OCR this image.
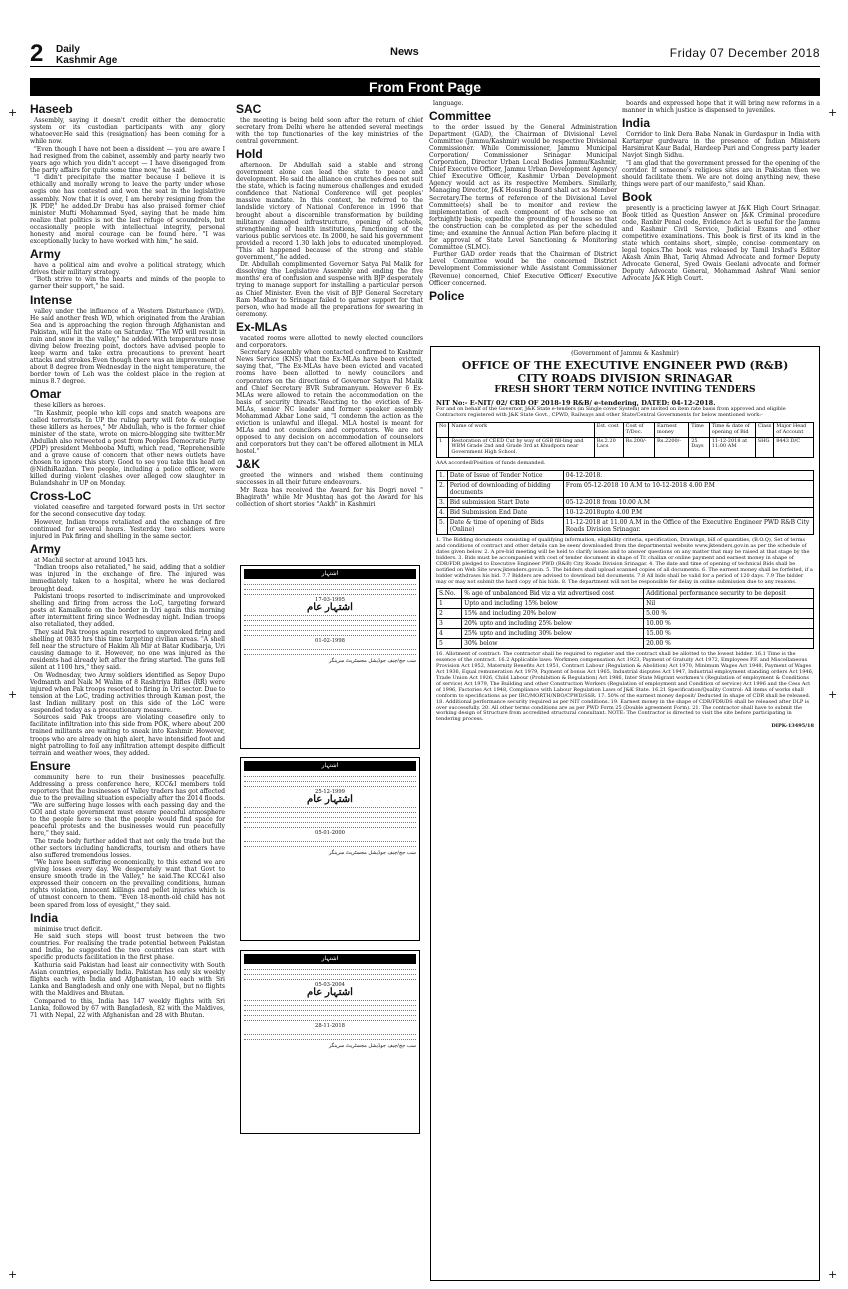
2 Daily
Kashmir Age
News	Friday 07 December 2018
From Front Page
Haseeb

Assembly, saying it doesn't credit either the democratic system or its custodian participants with any glory whatoever.He said this (resignation) has been coming for a while now.

"Even though I have not been a dissident — you are aware I had resigned from the cabinet, assembly and party nearly two years ago which you didn't accept — I have disengaged from the party affairs for quite some time now," he said.

"I didn't precipitate the matter because I believe it is ethically and morally wrong to leave the party under whose aegis one has contested and won the seat in the legislative assembly. Now that it is over, I am hereby resigning from the JK PDP," he added.Dr Drabu has also praised former chief minister Mufti Mohammad Syed, saying that he made him realize that politics is not the last refuge of scoundrels, but occasionally people with intellectual integrity, personal honesty and moral courage can be found here. "I was exceptionally lucky to have worked with him," he said.

Army

have a political aim and evolve a political strategy, which drives their military strategy.

"Both strive to win the hearts and minds of the people to garner their support," he said.

Intense

valley under the influence of a Western Disturbance (WD). He said another fresh WD, which originated from the Arabian Sea and is approaching the region through Afghanistan and Pakistan, will hit the state on Saturday. "The WD will result in rain and snow in the valley," he added.With temperature nose diving below freezing point, doctors have advised people to keep warm and take extra precautions to prevent heart attacks and strokes.Even though there was an improvement of about 8 degree from Wednesday in the night temperature, the border town of Leh was the coldest place in the region at minus 8.7 degree.

Omar

these killers as heroes.

"In Kashmir, people who kill cops and snatch weapons are called terrorists. In UP the ruling party will fete & eulogise these killers as heroes," Mr Abdullah, who is the former chief minister of the state, wrote on micro-blogging site twitter.Mr Abdullah also retweeted a post from Peoples Democratic Party (PDP) president Mehbooba Mufti, which read, "Reprehensible and a grave cause of concern that other news outlets have chosen to ignore this story. Good to see you take this head on @NidhiRazdan. Two people, including a police officer, were killed during violent clashes over alleged cow slaughter in Bulandshahr in UP on Monday.

Cross-LoC

violated ceasefire and targeted forward posts in Uri sector for the second consecutive day today.

However, Indian troops retaliated and the exchange of fire continued for several hours. Yesterday two soldiers were injured in Pak firing and shelling in the same sector.

Army

at Machil sector at around 1045 hrs.

"Indian troops also retaliated," he said, adding that a soldier was injured in the exchange of fire. The injured was immediately taken to a hospital, where he was declared brought dead.

Pakistani troops resorted to indiscriminate and unprovoked shelling and firing from across the LoC, targeting forward posts at Kamalkote on the border in Uri again this morning after intermittent firing since Wednesday night. Indian troops also retaliated, they added.

They said Pak troops again resorted to unprovoked firing and shelling at 0835 hrs this time targeting civilian areas. "A shell fell near the structure of Hakim Ali Mir at Batar Kudibarja, Uri causing damage to it. However, no one was injured as the residents had already left after the firing started. The guns fell silent at 1100 hrs," they said.

On Wednesday, two Army soldiers identified as Sepoy Dupo Vedmanth and Naik M Walim of 8 Rashtriya Rifles (RR) were injured when Pak troops resorted to firing in Uri sector. Due to tension at the LoC, trading activities through Kaman post, the last Indian military post on this side of the LoC were suspended today as a precautionary measure.

Sources said Pak troops are violating ceasefire only to facilitate infiltration into this side from POK, where about 200 trained militants are waiting to sneak into Kashmir. However, troops who are already on high alert, have intensified foot and night patrolling to foil any infiltration attempt despite difficult terrain and weather woes, they added.

Ensure

community here to run their businesses peacefully. Addressing a press conference here, KCC&I members told reporters that the businesses of Valley traders has got affected due to the prevailing situation especially after the 2014 floods. "We are suffering huge losses with each passing day and the GOI and state government must ensure peaceful atmosphere to the people here so that the people would find space for peaceful protests and the businesses would run peacefully here," they said.

The trade body further added that not only the trade but the other sectors including handicrafts, tourism and others have also suffered tremendous losses.

"We have been suffering economically, to this extend we are giving losses every day. We desperately want that Govt to ensure smooth trade in the Valley," he said.The KCC&I also expressed their concern on the prevailing conditions, human rights violation, innocent killings and pellet injuries which is of utmost concern to them. "Even 18-month-old child has not been spared from loss of eyesight," they said.

India

minimise truct deficit.

He said such steps will boost trust between the two countries. For realising the trade potential between Pakistan and India, he suggested the two countries can start with specific products facilitation in the first phase.

Kathuria said Pakistan had least air connectivity with South Asian countries, especially India. Pakistan has only six weekly flights each with India and Afghanistan, 10 each with Sri Lanka and Bangladesh and only one with Nepal, but no flights with the Maldives and Bhutan.

Compared to this, India has 147 weekly flights with Sri Lanka, followed by 67 with Bangladesh, 82 with the Maldives, 71 with Nepal, 22 with Afghanistan and 28 with Bhutan.

SAC

the meeting is being held soon after the return of chief secretary from Delhi where he attended several meetings with the top functionaries of the key ministries of the central government.

Hold

afternoon. Dr Abdullah said a stable and strong government alone can lead the state to peace and development. He said the alliance on crutches does not suit the state, which is facing numerous challenges and exuded confidence that National Conference will get peoples' massive mandate. In this context, he referred to the landslide victory of National Conference in 1996 that brought about a discernible transformation by building militancy damaged infrastructure, opening of schools, strengthening of health institutions, functioning of the various public services etc. In 2000, he said his government provided a record 1.30 lakh jobs to educated unemployed. "This all happened because of the strong and stable government," he added.

Dr. Abdullah complimented Governor Satya Pal Malik for dissolving the Legislative Assembly and ending the five months' era of confusion and suspense with BJP desperately trying to manage support for installing a particular person as Chief Minister. Even the visit of BJP General Secretary Ram Madhav to Srinagar failed to garner support for that person, who had made all the preparations for swearing in ceremony.

Ex-MLAs

vacated rooms were allotted to newly elected councilors and corporators.

Secretary Assembly when contacted confirmed to Kashmir News Service (KNS) that the Ex-MLAs have been evicted, saying that, "The Ex-MLAs have been evicted and vacated rooms have been allotted to newly councilors and corporators on the directions of Governor Satya Pal Malik and Chief Secretary BVR Subramanyam. However 6 Ex-MLAs were allowed to retain the accommodation on the basis of security threats."Reacting to the eviction of Ex-MLAs, senior NC leader and former speaker assembly Mohammad Akbar Lone said, "I condemn the action as the eviction is unlawful and illegal. MLA hostel is meant for MLAs and not councilors and corporators. We are not opposed to any decision on accommodation of counselors and corporators but they can't be offered allotment in MLA hostel."

J&K

greeted the winners and wished them continuing successes in all their future endeavours.

Mr Reza has received the Award for his Dogri novel " Bhagirath" while Mr Mushtaq has got the Award for his collection of short stories "Aakh" in Kashmiri

language.

Committee

to the order issued by the General Administration Department (GAD), the Chairman of Divisional Level Committee (Jammu/Kashmir) would be respective Divisional Commissioner. While Commissioner, Jammu Municipal Corporation/ Commissioner Srinagar Municipal Corporation, Director Urban Local Bodies Jammu/Kashmir, Chief Executive Officer, Jammu Urban Development Agency/ Chief Executive Officer, Kashmir Urban Development Agency would act as its respective Members. Similarly, Managing Director, J&K Housing Board shall act as Member Secretary.The terms of reference of the Divisional Level Committee(s) shall be to monitor and review the implementation of each component of the scheme on fortnightly basis; expedite the grounding of houses so that the construction can be completed as per the scheduled time; and examine the Annual Action Plan before placing it for approval of State Level Sanctioning & Monitoring Committee (SLMC).

Further GAD order reads that the Chairman of District Level Committee would be the concerned District Development Commissioner while Assistant Commissioner (Revenue) concerned, Chief Executive Officer/ Executive Officer concerned.

Police

boards and expressed hope that it will bring new reforms in a manner in which justice is dispensed to juveniles.

India

Corridor to link Dera Baba Nanak in Gurdaspur in India with Kartarpur gurdwara in the presence of Indian Ministers Harsimrat Kaur Badal, Hardeep Puri and Congress party leader Navjot Singh Sidhu.

"I am glad that the government pressed for the opening of the corridor. If someone's religious sites are in Pakistan then we should facilitate them. We are not doing anything new, these things were part of our manifesto," said Khan.

Book

presently is a practicing lawyer at J&K High Court Srinagar. Book titled as Question Answer on J&K Criminal procedure code, Ranbir Penal code, Evidence Act is useful for the Jammu and Kashmir Civil Service, Judicial Exams and other competitive examinations. This book is first of its kind in the state which contains short, simple, concise commentary on legal topics.The book was released by Tamil Irshad's Editor Akash Amin Bhat, Tariq Ahmad Advocate and former Deputy Advocate General, Syed Owais Geelani advocate and former Deputy Advocate General, Mohammad Ashraf Wani senior Advocate J&K High Court.

اشتہار
17-03-1995
اشتہار عام
01-02-1998
سب جج/چیف جوڈیشل مجسٹریٹ سرینگر
اشتہار
25-12-1999
اشتہار عام
05-01-2000
سب جج/چیف جوڈیشل مجسٹریٹ سرینگر
اشتہار
05-03-2004
اشتہار عام
28-11-2018
سب جج/چیف جوڈیشل مجسٹریٹ سرینگر
(Government of Jammu & Kashmir)
OFFICE OF THE EXECUTIVE ENGINEER PWD (R&B)
CITY ROADS DIVISION SRINAGAR
FRESH SHORT TERM NOTICE INVITING TENDERS
NIT No:- E-NIT/ 02/ CRD OF 2018-19 R&B/ e-tendering, DATED: 04-12-2018.

For and on behalf of the Governor, J&K State e-tenders (in Single cover System) are invited on item rate basis from approved and eligible Contractors registered with J&K State Govt., CPWD, Railways and other State/Central Governments for below mentioned work:-

No	Name of work	Est. cost	Cost of T/Doc.	Earnest money	Time	Time & date of opening of Bid	Class	Major Head of Account
1	Restoration of CEED Cut by way of GSB fill-ling and WBM Grade 2nd and Grade 3rd at Khudpora near Government High School.	Rs.2.20 Lacs	Rs.200/-	Rs.2200/-	25 Days	11-12-2018 at 11:00 AM	SHG	8443 D/C

AAA accorded/Position of funds demanded.

1.	Date of Issue of Tender Notice	04-12-2018.
2.	Period of downloading of bidding documents	From 05-12-2018 10 A.M to 10-12-2018 4.00 P.M
3.	Bid submission Start Date	05-12-2018 from 10.00 A.M
4.	Bid Submission End Date	10-12-2018upto 4.00 P.M
5.	Date & time of opening of Bids (Online)	11-12-2018 at 11.00 A.M in the Office of the Executive Engineer PWD R&B City Roads Division Srinagar.

1. The Bidding documents consisting of qualifying information, eligibility criteria, specification, Drawings, bill of quantities, (B.O.Q), Set of terms and conditions of contract and other details can be seen/ downloaded from the departmental website www.jktenders.gov.in as per the schedule of dates given below. 2. A pre-bid meeting will be held to clarify issues and to answer questions on any matter that may be raised at that stage by the bidders. 3. Bids must be accompanied with cost of tender document in shape of Tr. challan or online payment and earnest money in shape of CDR/FDR pledged to Executive Engineer PWD (R&B) City Roads Division Srinagar. 4. The date and time of opening of technical Bids shall be notified on Web Site www.jktenders.gov.in. 5. The bidders shall upload scanned copies of all documents. 6. The earnest money shall be forfeited, if a bidder withdraws his bid. 7.7 Bidders are advised to download bid documents. 7.8 All bids shall be valid for a period of 120 days. 7.9 The bidder may or may not submit the hard copy of his bids. 8. The department will not be responsible for delay in online submission due to any reasons.

S.No.	% age of unbalanced Bid viz a viz advertised cost	Additional performance security to be deposit
1	Upto and including 15% below	Nil
2	15% and including 20% below	5.00 %
3	20% upto and including 25% below	10.00 %
4	25% upto and including 30% below	15.00 %
5	30% below	20.00 %

16. Allotment of contract: The contractor shall be required to register and the contract shall be allotted to the lowest bidder. 16.1 Time is the essence of the contract. 16.2 Applicable laws: Workmen compensation Act 1923, Payment of Gratuity Act 1972, Employees P.F. and Miscellaneous Provision Act 1952, Maternity Benefits Act 1951, Contract Labour (Regulation & Abolition) Act 1970, Minimum Wages Act 1948, Payment of Wages Act 1936, Equal remuneration Act 1979, Payment of bonus Act 1965, Industrial disputes Act 1947, Industrial employment standing orders Act 1946, Trade Union Act 1926, Child Labour (Prohibition & Regulation) Act 1986, Inter State Migrant workmen's (Regulation of employment & Conditions of service) Act 1979, The Building and other Construction Workers (Regulation of employment and Condition of service) Act 1996 and the Cess Act of 1996, Factories Act 1948, Compliance with Labour Regulation Laws of J&K State. 16.21 Specification/Quality Control: All items of works shall conform to specifications as per IRC/MORTH/NBO/CPWD/SSR. 17. 50% of the earnest money deposit/ Deducted in shape of CDR shall be released. 18. Additional performance security required as per NIT conditions. 19. Earnest money in the shape of CDR/FDR/DS shall be released after DLP is over successfully. 20. All other terms conditions are as per PWD Form 25 (Double agreement Form). 21. The contractor shall have to submit the working design of Structure from accredited structural consultant. NOTE: The Contractor is directed to visit the site before participating in tendering process.

DIPK-13495/18
+	+
+	+
+	+
